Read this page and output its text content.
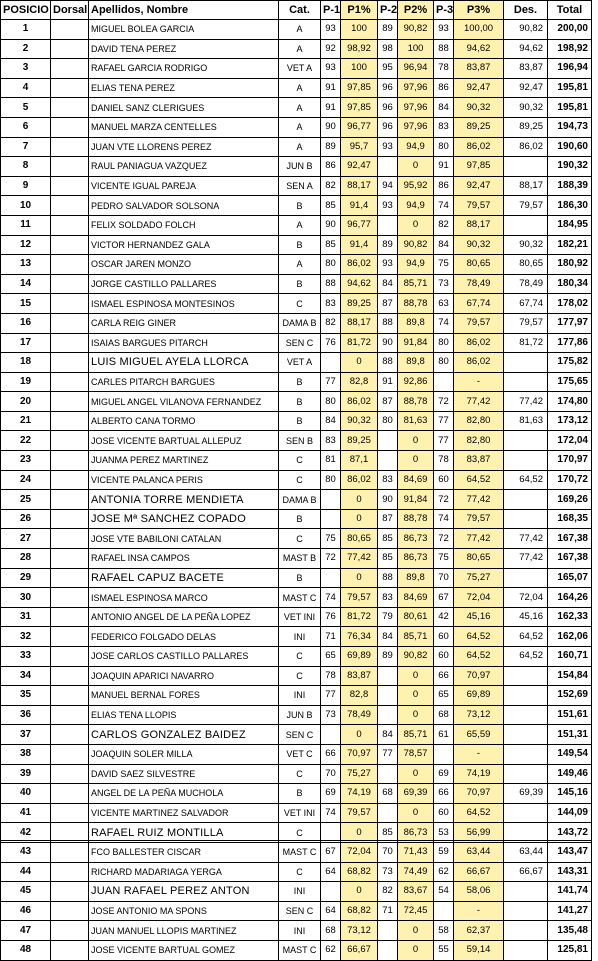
POSICIO	Dorsal	Apellidos, Nombre	Cat.	P-1	P1%	P-2	P2%	P-3	P3%	Des.	Total
1		MIGUEL BOLEA GARCIA	A	93	100	89	90,82	93	100,00	90,82	200,00
2		DAVID TENA PEREZ	A	92	98,92	98	100	88	94,62	94,62	198,92
3		RAFAEL GARCIA RODRIGO	VET A	93	100	95	96,94	78	83,87	83,87	196,94
4		ELIAS TENA PEREZ	A	91	97,85	96	97,96	86	92,47	92,47	195,81
5		DANIEL SANZ CLERIGUES	A	91	97,85	96	97,96	84	90,32	90,32	195,81
6		MANUEL MARZA CENTELLES	A	90	96,77	96	97,96	83	89,25	89,25	194,73
7		JUAN VTE LLORENS PEREZ	A	89	95,7	93	94,9	80	86,02	86,02	190,60
8		RAUL PANIAGUA VAZQUEZ	JUN B	86	92,47		0	91	97,85		190,32
9		VICENTE IGUAL PAREJA	SEN A	82	88,17	94	95,92	86	92,47	88,17	188,39
10		PEDRO SALVADOR SOLSONA	B	85	91,4	93	94,9	74	79,57	79,57	186,30
11		FELIX SOLDADO FOLCH	A	90	96,77		0	82	88,17		184,95
12		VICTOR HERNANDEZ GALA	B	85	91,4	89	90,82	84	90,32	90,32	182,21
13		OSCAR JAREN MONZO	A	80	86,02	93	94,9	75	80,65	80,65	180,92
14		JORGE CASTILLO PALLARES	B	88	94,62	84	85,71	73	78,49	78,49	180,34
15		ISMAEL ESPINOSA MONTESINOS	C	83	89,25	87	88,78	63	67,74	67,74	178,02
16		CARLA REIG GINER	DAMA B	82	88,17	88	89,8	74	79,57	79,57	177,97
17		ISAIAS BARGUES PITARCH	SEN C	76	81,72	90	91,84	80	86,02	81,72	177,86
18		LUIS MIGUEL AYELA LLORCA	VET A		0	88	89,8	80	86,02		175,82
19		CARLES PITARCH BARGUES	B	77	82,8	91	92,86		-		175,65
20		MIGUEL ANGEL VILANOVA FERNANDEZ	B	80	86,02	87	88,78	72	77,42	77,42	174,80
21		ALBERTO CANA TORMO	B	84	90,32	80	81,63	77	82,80	81,63	173,12
22		JOSE VICENTE BARTUAL ALLEPUZ	SEN B	83	89,25		0	77	82,80		172,04
23		JUANMA PEREZ MARTINEZ	C	81	87,1		0	78	83,87		170,97
24		VICENTE PALANCA PERIS	C	80	86,02	83	84,69	60	64,52	64,52	170,72
25		ANTONIA TORRE MENDIETA	DAMA B		0	90	91,84	72	77,42		169,26
26		JOSE Mª SANCHEZ COPADO	B		0	87	88,78	74	79,57		168,35
27		JOSE VTE BABILONI CATALAN	C	75	80,65	85	86,73	72	77,42	77,42	167,38
28		RAFAEL INSA CAMPOS	MAST B	72	77,42	85	86,73	75	80,65	77,42	167,38
29		RAFAEL CAPUZ BACETE	B		0	88	89,8	70	75,27		165,07
30		ISMAEL ESPINOSA MARCO	MAST C	74	79,57	83	84,69	67	72,04	72,04	164,26
31		ANTONIO ANGEL DE LA PEÑA LOPEZ	VET INI	76	81,72	79	80,61	42	45,16	45,16	162,33
32		FEDERICO FOLGADO DELAS	INI	71	76,34	84	85,71	60	64,52	64,52	162,06
33		JOSE CARLOS CASTILLO PALLARES	C	65	69,89	89	90,82	60	64,52	64,52	160,71
34		JOAQUIN APARICI NAVARRO	C	78	83,87		0	66	70,97		154,84
35		MANUEL BERNAL FORES	INI	77	82,8		0	65	69,89		152,69
36		ELIAS TENA LLOPIS	JUN B	73	78,49		0	68	73,12		151,61
37		CARLOS GONZALEZ BAIDEZ	SEN C		0	84	85,71	61	65,59		151,31
38		JOAQUIN SOLER MILLA	VET C	66	70,97	77	78,57		-		149,54
39		DAVID SAEZ SILVESTRE	C	70	75,27		0	69	74,19		149,46
40		ANGEL DE LA PEÑA MUCHOLA	B	69	74,19	68	69,39	66	70,97	69,39	145,16
41		VICENTE MARTINEZ SALVADOR	VET INI	74	79,57		0	60	64,52		144,09
42		RAFAEL RUIZ MONTILLA	C		0	85	86,73	53	56,99		143,72
43		FCO BALLESTER CISCAR	MAST C	67	72,04	70	71,43	59	63,44	63,44	143,47
44		RICHARD MADARIAGA YERGA	C	64	68,82	73	74,49	62	66,67	66,67	143,31
45		JUAN RAFAEL PEREZ ANTON	INI		0	82	83,67	54	58,06		141,74
46		JOSE ANTONIO MA SPONS	SEN C	64	68,82	71	72,45		-		141,27
47		JUAN MANUEL LLOPIS MARTINEZ	INI	68	73,12		0	58	62,37		135,48
48		JOSE VICENTE BARTUAL GOMEZ	MAST C	62	66,67		0	55	59,14		125,81
